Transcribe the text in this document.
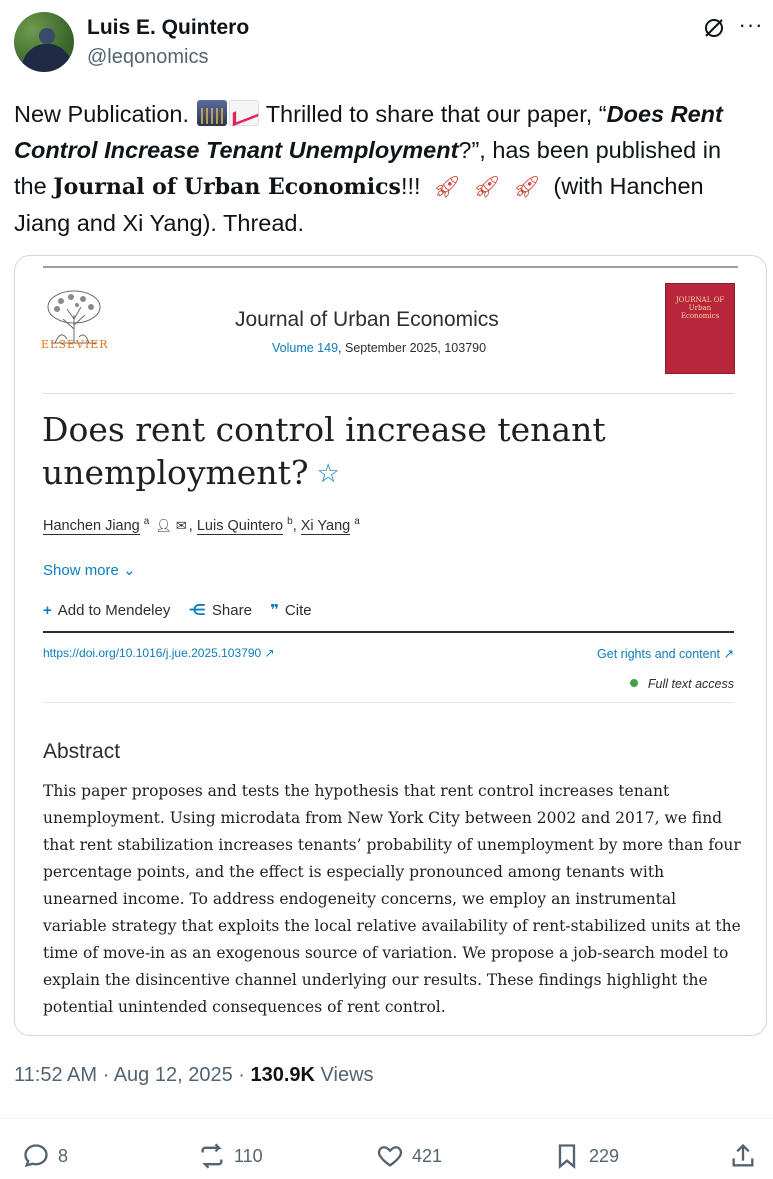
Luis E. Quintero
@leqonomics
···
New Publication.	Thrilled to share that our paper, “Does Rent Control Increase Tenant Unemployment?”, has been published in the Journal of Urban Economics!!! 🚀︎ 🚀︎ 🚀︎ (with Hanchen Jiang and Xi Yang). Thread.
ELSEVIER
Journal of Urban Economics
Volume 149, September 2025, 103790
JOURNAL OF Urban Economics
Does rent control increase tenant unemployment? ☆
Hanchen Jiang $^a$ 👤︎ ✉ , Luis Quintero $^b$, Xi Yang $^a$
Show more ⌄
+ Add to Mendeley ⋲ Share ❞ Cite
https://doi.org/10.1016/j.jue.2025.103790 ↗	Get rights and content ↗
Full text access
Abstract
This paper proposes and tests the hypothesis that rent control increases tenant unemployment. Using microdata from New York City between 2002 and 2017, we find that rent stabilization increases tenants’ probability of unemployment by more than four percentage points, and the effect is especially pronounced among tenants with unearned income. To address endogeneity concerns, we employ an instrumental variable strategy that exploits the local relative availability of rent-stabilized units at the time of move-in as an exogenous source of variation. We propose a job-search model to explain the disincentive channel underlying our results. These findings highlight the potential unintended consequences of rent control.
11:52 AM · Aug 12, 2025 · 130.9K Views
8	110	421	229
